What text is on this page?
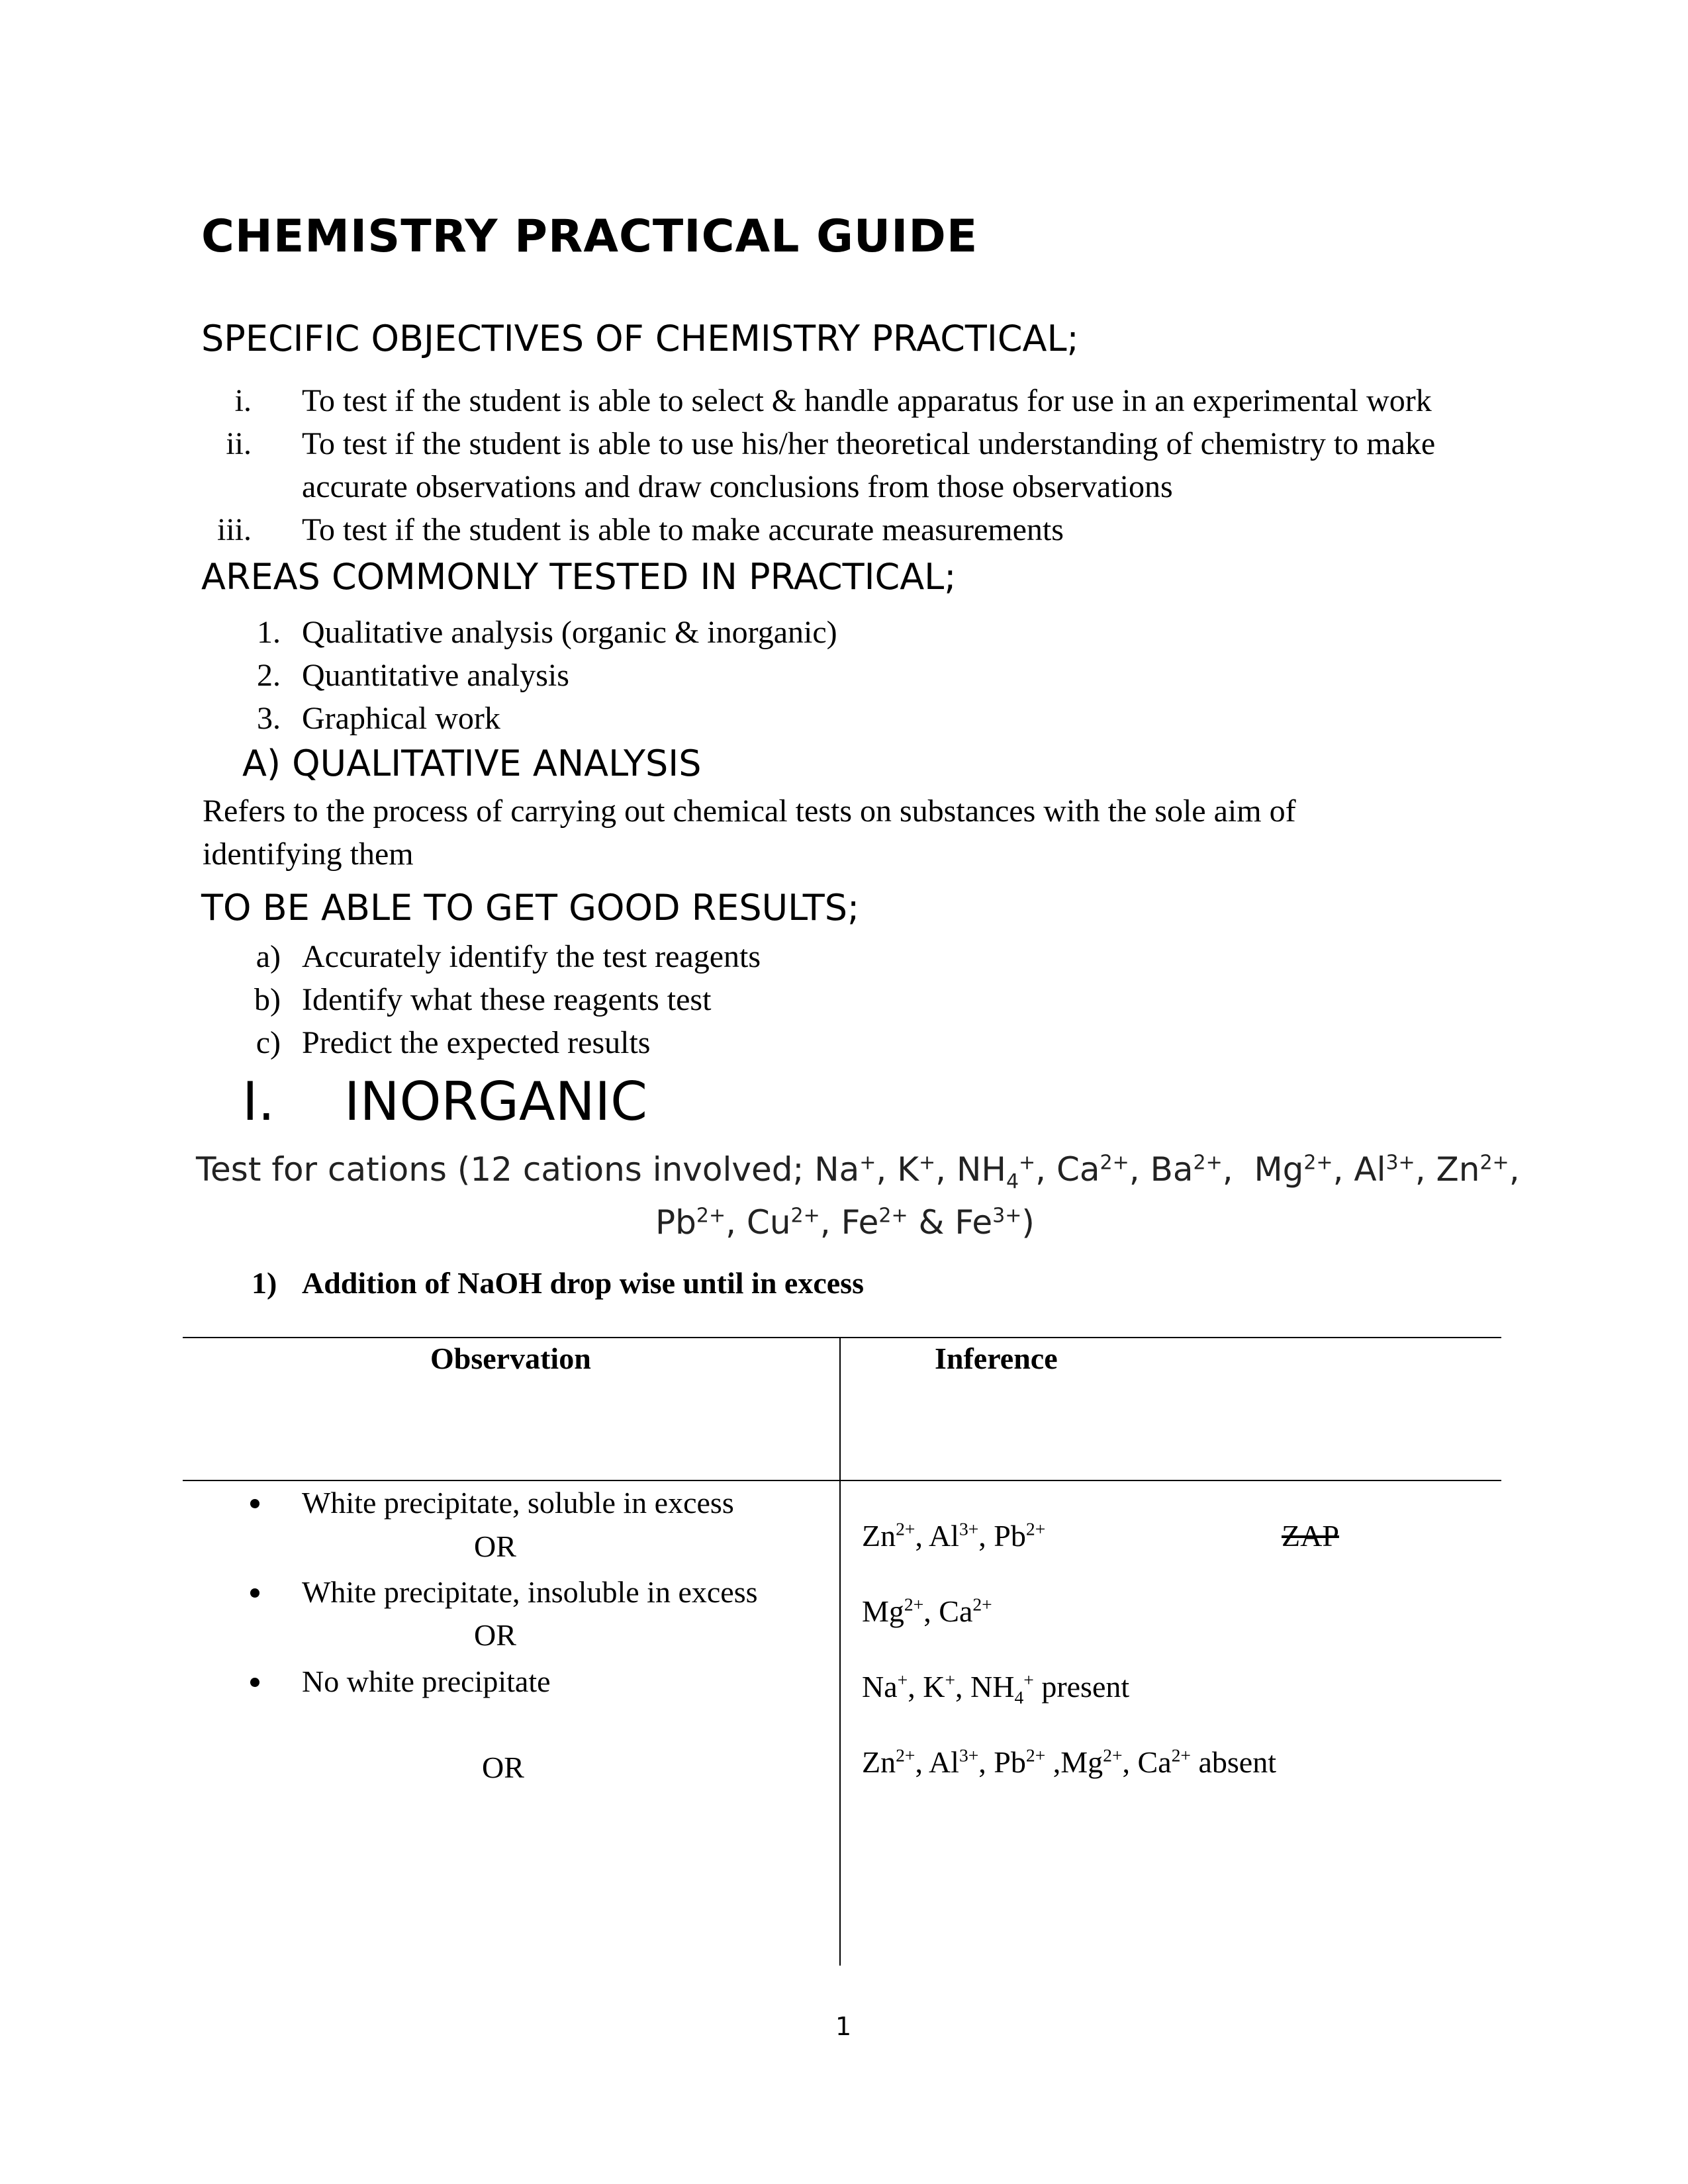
CHEMISTRY PRACTICAL GUIDE
SPECIFIC OBJECTIVES OF CHEMISTRY PRACTICAL;
i. To test if the student is able to select & handle apparatus for use in an experimental work
ii. To test if the student is able to use his/her theoretical understanding of chemistry to make
accurate observations and draw conclusions from those observations
iii. To test if the student is able to make accurate measurements
AREAS COMMONLY TESTED IN PRACTICAL;
1. Qualitative analysis (organic & inorganic)
2. Quantitative analysis
3. Graphical work
A) QUALITATIVE ANALYSIS
Refers to the process of carrying out chemical tests on substances with the sole aim of
identifying them
TO BE ABLE TO GET GOOD RESULTS;
a) Accurately identify the test reagents
b) Identify what these reagents test
c) Predict the expected results
I. INORGANIC
Test for cations (12 cations involved; Na+, K+, $NH_4^+$, $Ca^{2+}$, $Ba^{2+}$,  $Mg^{2+}$, $Al^{3+}$, $Zn^{2+}$,
$Pb^{2+}$, $Cu^{2+}$, $Fe^{2+}$ & $Fe^{3+}$)
1) Addition of NaOH drop wise until in excess
Observation	Inference
White precipitate, soluble in excess
OR
White precipitate, insoluble in excess
OR
No white precipitate
OR
$Zn^{2+}$, $Al^{3+}$, $Pb^{2+}$	ZAP
$Mg^{2+}$, $Ca^{2+}$
Na+, K+, $NH_4^+$ present
$Zn^{2+}$, $Al^{3+}$, $Pb^{2+}$ $,Mg^{2+}$, $Ca^{2+}$ absent
1
